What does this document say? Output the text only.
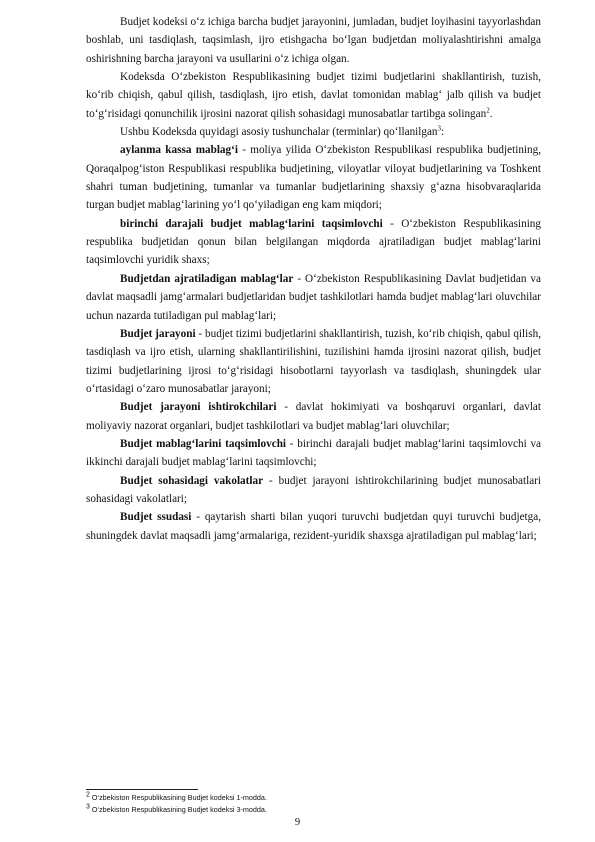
Budjet kodeksi o‘z ichiga barcha budjet jarayonini, jumladan, budjet loyihasini tayyorlashdan boshlab, uni tasdiqlash, taqsimlash, ijro etishgacha bo‘lgan budjetdan moliyalashtirishni amalga oshirishning barcha jarayoni va usullarini o‘z ichiga olgan.

Kodeksda O‘zbekiston Respublikasining budjet tizimi budjetlarini shakllantirish, tuzish, ko‘rib chiqish, qabul qilish, tasdiqlash, ijro etish, davlat tomonidan mablag‘ jalb qilish va budjet to‘g‘risidagi qonunchilik ijrosini nazorat qilish sohasidagi munosabatlar tartibga solingan$^2$.

Ushbu Kodeksda quyidagi asosiy tushunchalar (terminlar) qo‘llanilgan$^3$:

aylanma kassa mablag‘i - moliya yilida O‘zbekiston Respublikasi respublika budjetining, Qoraqalpog‘iston Respublikasi respublika budjetining, viloyatlar viloyat budjetlarining va Toshkent shahri tuman budjetining, tumanlar va tumanlar budjetlarining shaxsiy g‘azna hisobvaraqlarida turgan budjet mablag‘larining yo‘l qo‘yiladigan eng kam miqdori;

birinchi darajali budjet mablag‘larini taqsimlovchi - O‘zbekiston Respublikasining respublika budjetidan qonun bilan belgilangan miqdorda ajratiladigan budjet mablag‘larini taqsimlovchi yuridik shaxs;

Budjetdan ajratiladigan mablag‘lar - O‘zbekiston Respublikasining Davlat budjetidan va davlat maqsadli jamg‘armalari budjetlaridan budjet tashkilotlari hamda budjet mablag‘lari oluvchilar uchun nazarda tutiladigan pul mablag‘lari;

Budjet jarayoni - budjet tizimi budjetlarini shakllantirish, tuzish, ko‘rib chiqish, qabul qilish, tasdiqlash va ijro etish, ularning shakllantirilishini, tuzilishini hamda ijrosini nazorat qilish, budjet tizimi budjetlarining ijrosi to‘g‘risidagi hisobotlarni tayyorlash va tasdiqlash, shuningdek ular o‘rtasidagi o‘zaro munosabatlar jarayoni;

Budjet jarayoni ishtirokchilari - davlat hokimiyati va boshqaruvi organlari, davlat moliyaviy nazorat organlari, budjet tashkilotlari va budjet mablag‘lari oluvchilar;

Budjet mablag‘larini taqsimlovchi - birinchi darajali budjet mablag‘larini taqsimlovchi va ikkinchi darajali budjet mablag‘larini taqsimlovchi;

Budjet sohasidagi vakolatlar - budjet jarayoni ishtirokchilarining budjet munosabatlari sohasidagi vakolatlari;

Budjet ssudasi - qaytarish sharti bilan yuqori turuvchi budjetdan quyi turuvchi budjetga, shuningdek davlat maqsadli jamg‘armalariga, rezident-yuridik shaxsga ajratiladigan pul mablag‘lari;

$^2$ O‘zbekiston Respublikasining Budjet kodeksi 1-modda.

$^3$ O‘zbekiston Respublikasining Budjet kodeksi 3-modda.

9
